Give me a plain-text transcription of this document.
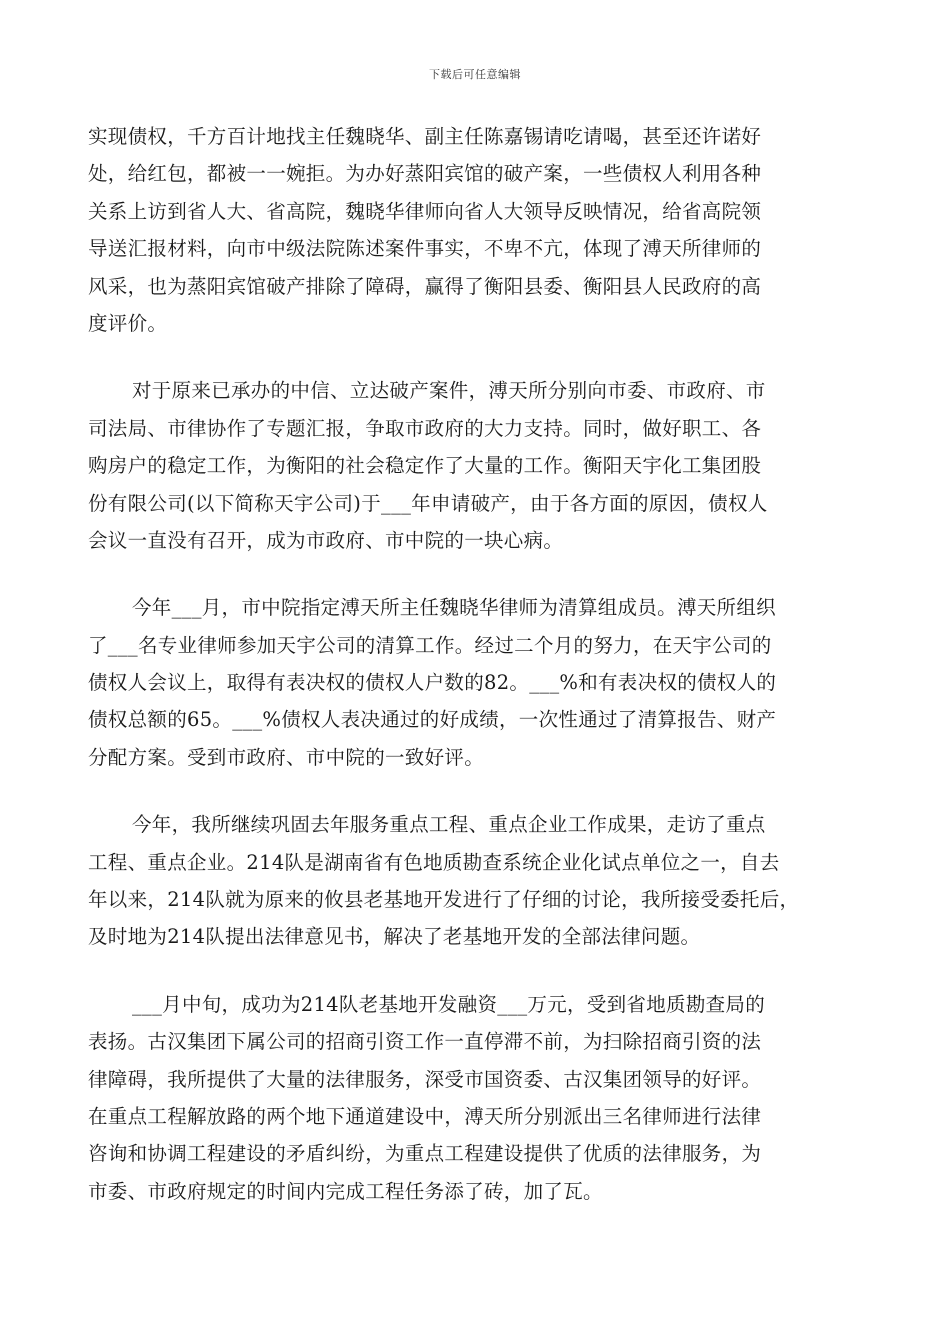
下载后可任意编辑
实现债权，千方百计地找主任魏晓华、副主任陈嘉锡请吃请喝，甚至还许诺好
处，给红包，都被一一婉拒。为办好蒸阳宾馆的破产案，一些债权人利用各种
关系上访到省人大、省高院，魏晓华律师向省人大领导反映情况，给省高院领
导送汇报材料，向市中级法院陈述案件事实，不卑不亢，体现了溥天所律师的
风采，也为蒸阳宾馆破产排除了障碍，赢得了衡阳县委、衡阳县人民政府的高
度评价。
对于原来已承办的中信、立达破产案件，溥天所分别向市委、市政府、市
司法局、市律协作了专题汇报，争取市政府的大力支持。同时，做好职工、各
购房户的稳定工作，为衡阳的社会稳定作了大量的工作。衡阳天宇化工集团股
份有限公司(以下简称天宇公司)于___年申请破产，由于各方面的原因，债权人
会议一直没有召开，成为市政府、市中院的一块心病。
今年___月，市中院指定溥天所主任魏晓华律师为清算组成员。溥天所组织
了___名专业律师参加天宇公司的清算工作。经过二个月的努力，在天宇公司的
债权人会议上，取得有表决权的债权人户数的82。___%和有表决权的债权人的
债权总额的65。___%债权人表决通过的好成绩，一次性通过了清算报告、财产
分配方案。受到市政府、市中院的一致好评。
今年，我所继续巩固去年服务重点工程、重点企业工作成果，走访了重点
工程、重点企业。214队是湖南省有色地质勘查系统企业化试点单位之一，自去
年以来，214队就为原来的攸县老基地开发进行了仔细的讨论，我所接受委托后，
及时地为214队提出法律意见书，解决了老基地开发的全部法律问题。
___月中旬，成功为214队老基地开发融资___万元，受到省地质勘查局的
表扬。古汉集团下属公司的招商引资工作一直停滞不前，为扫除招商引资的法
律障碍，我所提供了大量的法律服务，深受市国资委、古汉集团领导的好评。
在重点工程解放路的两个地下通道建设中，溥天所分别派出三名律师进行法律
咨询和协调工程建设的矛盾纠纷，为重点工程建设提供了优质的法律服务，为
市委、市政府规定的时间内完成工程任务添了砖，加了瓦。
